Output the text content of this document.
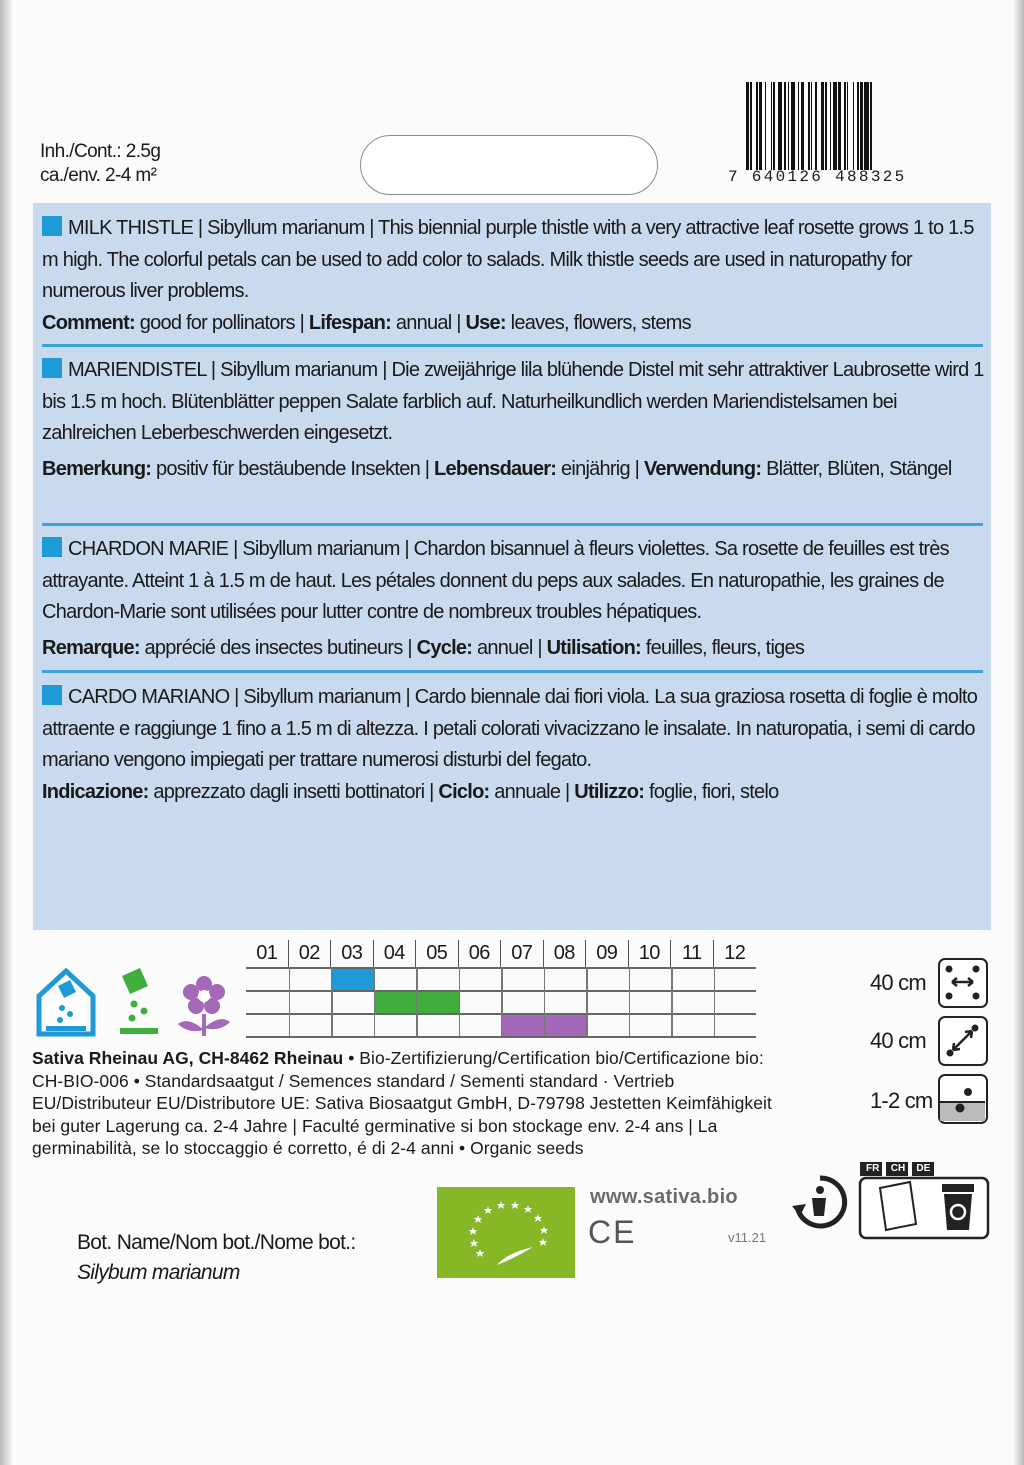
Inh./Cont.: 2.5g
ca./env. 2-4 m²	7 640126 488325
MILK THISTLE | Sibyllum marianum | This biennial purple thistle with a very attractive leaf rosette grows 1 to 1.5 m high. The colorful petals can be used to add color to salads. Milk thistle seeds are used in naturopathy for numerous liver problems.
Comment: good for pollinators | Lifespan: annual | Use: leaves, flowers, stems
MARIENDISTEL | Sibyllum marianum | Die zweijährige lila blühende Distel mit sehr attraktiver Laubrosette wird 1 bis 1.5 m hoch. Blütenblätter peppen Salate farblich auf. Naturheilkundlich werden Mariendistelsamen bei zahlreichen Leberbeschwerden eingesetzt.

Bemerkung: positiv für bestäubende Insekten | Lebensdauer: einjährig | Verwendung: Blätter, Blüten, Stängel
CHARDON MARIE | Sibyllum marianum | Chardon bisannuel à fleurs violettes. Sa rosette de feuilles est très attrayante. Atteint 1 à 1.5 m de haut. Les pétales donnent du peps aux salades. En naturopathie, les graines de Chardon-Marie sont utilisées pour lutter contre de nombreux troubles hépatiques.

Remarque: apprécié des insectes butineurs | Cycle: annuel | Utilisation: feuilles, fleurs, tiges
CARDO MARIANO | Sibyllum marianum | Cardo biennale dai fiori viola. La sua graziosa rosetta di foglie è molto attraente e raggiunge 1 fino a 1.5 m di altezza. I petali colorati vivacizzano le insalate. In naturopatia, i semi di cardo mariano vengono impiegati per trattare numerosi disturbi del fegato.
Indicazione: apprezzato dagli insetti bottinatori | Ciclo: annuale | Utilizzo: foglie, fiori, stelo
01	02	03	04	05	06	07	08	09	10	11	12
40 cm
40 cm
1-2 cm
Sativa Rheinau AG, CH-8462 Rheinau • Bio-Zertifizierung/Certification bio/Certificazione bio: CH-BIO-006 • Standardsaatgut / Semences standard / Sementi standard · Vertrieb EU/Distributeur EU/Distributore UE: Sativa Biosaatgut GmbH, D-79798 Jestetten Keimfähigkeit bei guter Lagerung ca. 2-4 Jahre | Faculté germinative si bon stockage env. 2-4 ans | La germinabilità, se lo stoccaggio é corretto, é di 2-4 anni • Organic seeds
Bot. Name/Nom bot./Nome bot.:
Silybum marianum
www.sativa.bio
CE	v11.21
FR	CH	DE
